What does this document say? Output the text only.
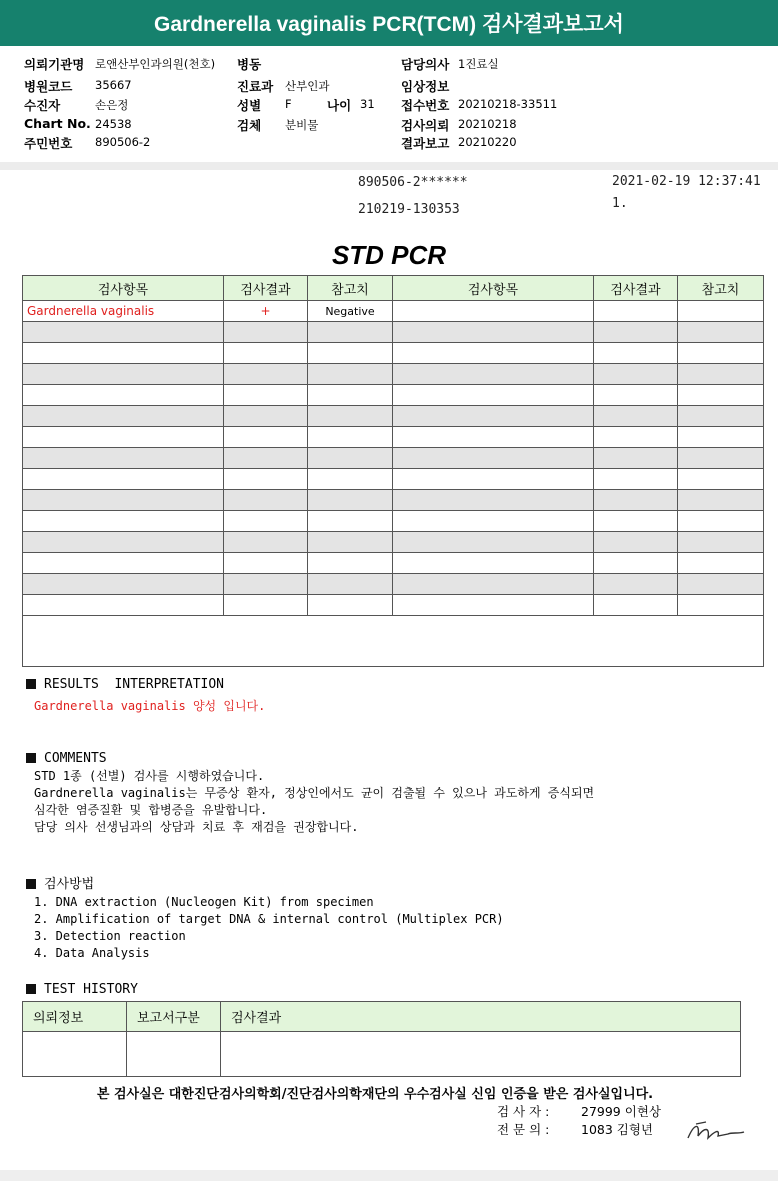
Gardnerella vaginalis PCR(TCM) 검사결과보고서
의뢰기관명 로앤산부인과의원(천호)
병원코드 35667
수진자	손은정
Chart No. 24538
주민번호 890506-2
병동
진료과 산부인과
성별 F	나이 31
검체 분비물
담당의사 1진료실
임상정보
접수번호 20210218-33511
검사의뢰 20210218
결과보고 20210220
890506-2******
210219-130353
2021-02-19 12:37:41
1.
STD PCR
검사항목	검사결과	참고치	검사항목	검사결과	참고치
Gardnerella vaginalis	+	Negative			

RESULTS  INTERPRETATION
Gardnerella vaginalis 양성 입니다.
COMMENTS
STD 1종 (선별) 검사를 시행하였습니다.
Gardnerella vaginalis는 무증상 환자, 정상인에서도 균이 검출될 수 있으나 과도하게 증식되면
심각한 염증질환 및 합병증을 유발합니다.
담당 의사 선생님과의 상담과 치료 후 재검을 권장합니다.
검사방법
1. DNA extraction (Nucleogen Kit) from specimen
2. Amplification of target DNA & internal control (Multiplex PCR)
3. Detection reaction
4. Data Analysis
TEST HISTORY
의뢰정보	보고서구분	검사결과

본 검사실은 대한진단검사의학회/진단검사의학재단의 우수검사실 신임 인증을 받은 검사실입니다.
검 사 자 :	27999 이현상
전 문 의 :	1083 김형년
